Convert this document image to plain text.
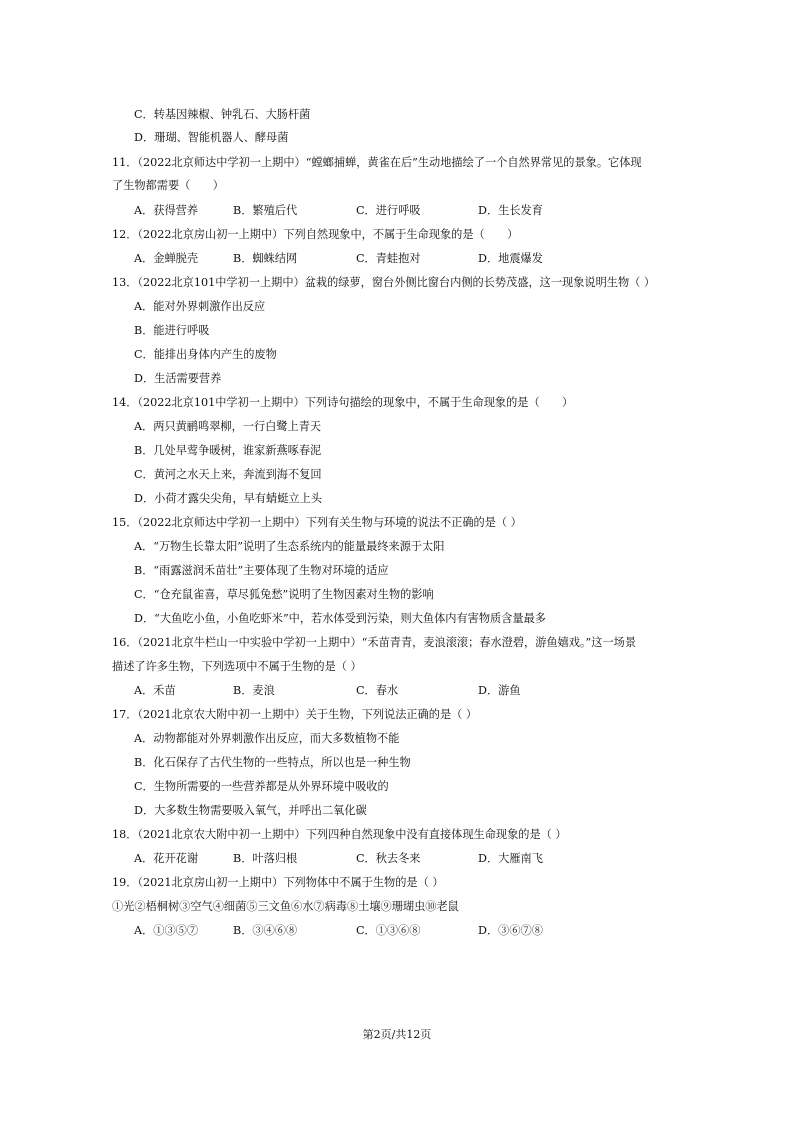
C．转基因辣椒、钟乳石、大肠杆菌
D．珊瑚、智能机器人、酵母菌
11．（2022北京师达中学初一上期中）“螳螂捕蝉，黄雀在后”生动地描绘了一个自然界常见的景象。它体现
了生物都需要（　　）
A．获得营养	B．繁殖后代	C．进行呼吸	D．生长发育
12．（2022北京房山初一上期中）下列自然现象中，不属于生命现象的是（　　）
A．金蝉脱壳	B．蜘蛛结网	C．青蛙抱对	D．地震爆发
13．（2022北京101中学初一上期中）盆栽的绿萝，窗台外侧比窗台内侧的长势茂盛，这一现象说明生物（ ）
A．能对外界刺激作出反应
B．能进行呼吸
C．能排出身体内产生的废物
D．生活需要营养
14．（2022北京101中学初一上期中）下列诗句描绘的现象中，不属于生命现象的是（　　）
A．两只黄鹂鸣翠柳，一行白鹭上青天
B．几处早莺争暖树，谁家新燕啄春泥
C．黄河之水天上来，奔流到海不复回
D．小荷才露尖尖角，早有蜻蜓立上头
15．（2022北京师达中学初一上期中）下列有关生物与环境的说法不正确的是（ ）
A．“万物生长靠太阳”说明了生态系统内的能量最终来源于太阳
B．“雨露滋润禾苗壮”主要体现了生物对环境的适应
C．“仓充鼠雀喜，草尽狐兔愁”说明了生物因素对生物的影响
D．“大鱼吃小鱼，小鱼吃虾米”中，若水体受到污染，则大鱼体内有害物质含量最多
16．（2021北京牛栏山一中实验中学初一上期中）“禾苗青青，麦浪滚滚；春水澄碧，游鱼嬉戏。”这一场景
描述了许多生物，下列选项中不属于生物的是（ ）
A．禾苗	B．麦浪	C．春水	D．游鱼
17．（2021北京农大附中初一上期中）关于生物，下列说法正确的是（ ）
A．动物都能对外界刺激作出反应，而大多数植物不能
B．化石保存了古代生物的一些特点，所以也是一种生物
C．生物所需要的一些营养都是从外界环境中吸收的
D．大多数生物需要吸入氧气，并呼出二氧化碳
18．（2021北京农大附中初一上期中）下列四种自然现象中没有直接体现生命现象的是（ ）
A．花开花谢	B．叶落归根	C．秋去冬来	D．大雁南飞
19．（2021北京房山初一上期中）下列物体中不属于生物的是（ ）
①光②梧桐树③空气④细菌⑤三文鱼⑥水⑦病毒⑧土壤⑨珊瑚虫⑩老鼠
A．①③⑤⑦	B．③④⑥⑧	C．①③⑥⑧	D．③⑥⑦⑧
第2页/共12页
